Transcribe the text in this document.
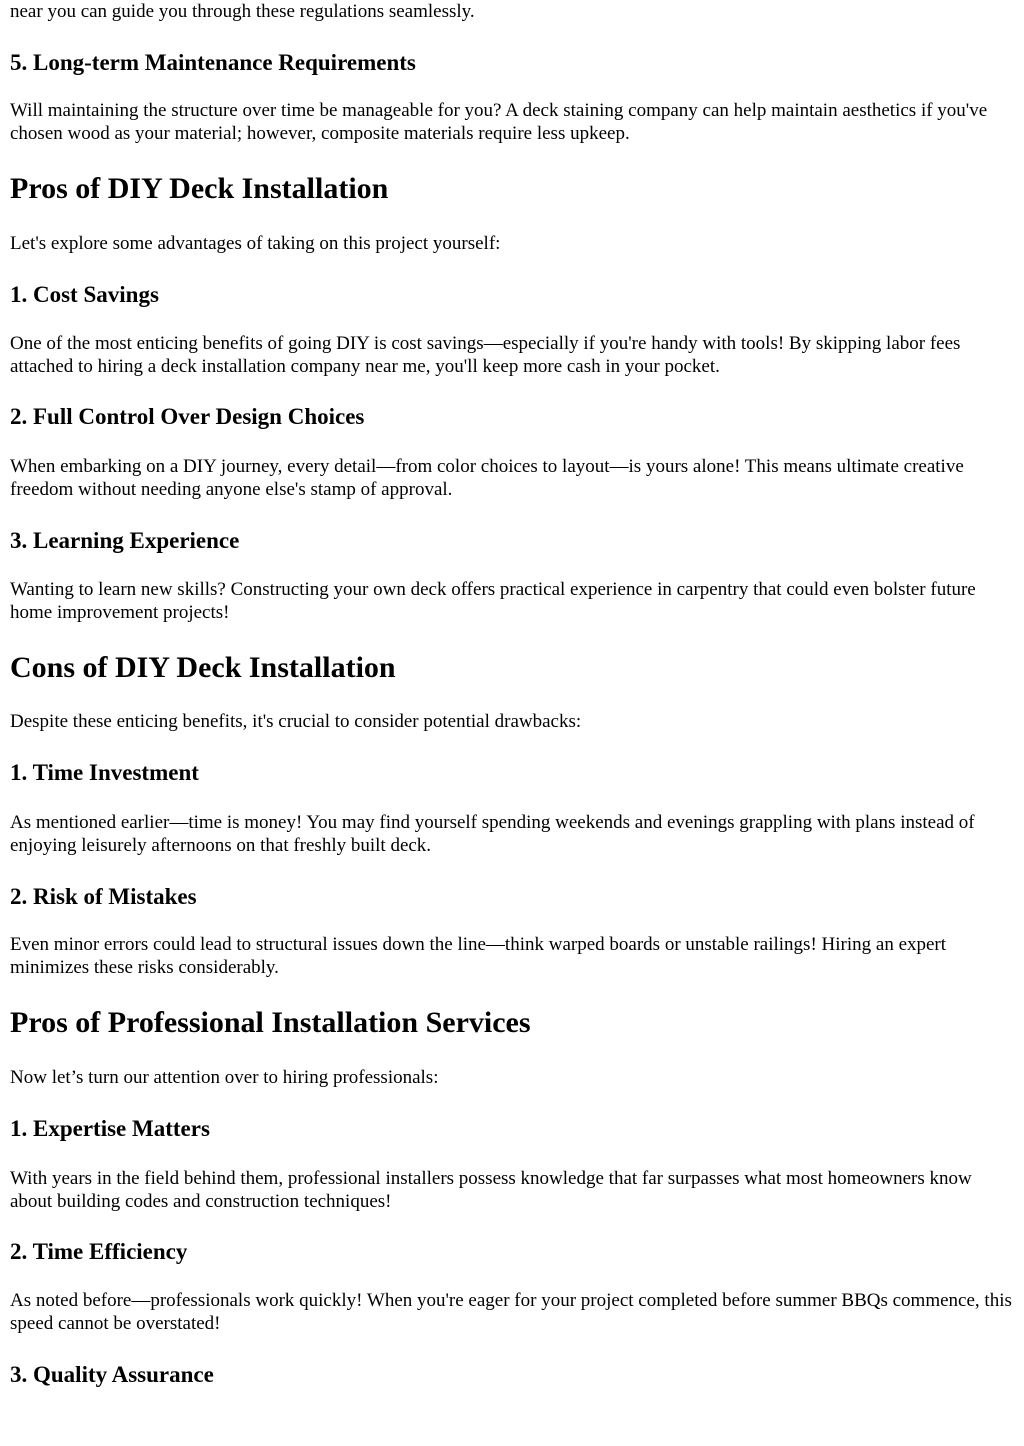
near you can guide you through these regulations seamlessly.

5. Long-term Maintenance Requirements

Will maintaining the structure over time be manageable for you? A deck staining company can help maintain aesthetics if you've chosen wood as your material; however, composite materials require less upkeep.

Pros of DIY Deck Installation

Let's explore some advantages of taking on this project yourself:

1. Cost Savings

One of the most enticing benefits of going DIY is cost savings—especially if you're handy with tools! By skipping labor fees attached to hiring a deck installation company near me, you'll keep more cash in your pocket.

2. Full Control Over Design Choices

When embarking on a DIY journey, every detail—from color choices to layout—is yours alone! This means ultimate creative freedom without needing anyone else's stamp of approval.

3. Learning Experience

Wanting to learn new skills? Constructing your own deck offers practical experience in carpentry that could even bolster future home improvement projects!

Cons of DIY Deck Installation

Despite these enticing benefits, it's crucial to consider potential drawbacks:

1. Time Investment

As mentioned earlier—time is money! You may find yourself spending weekends and evenings grappling with plans instead of enjoying leisurely afternoons on that freshly built deck.

2. Risk of Mistakes

Even minor errors could lead to structural issues down the line—think warped boards or unstable railings! Hiring an expert minimizes these risks considerably.

Pros of Professional Installation Services

Now let’s turn our attention over to hiring professionals:

1. Expertise Matters

With years in the field behind them, professional installers possess knowledge that far surpasses what most homeowners know about building codes and construction techniques!

2. Time Efficiency

As noted before—professionals work quickly! When you're eager for your project completed before summer BBQs commence, this speed cannot be overstated!

3. Quality Assurance
